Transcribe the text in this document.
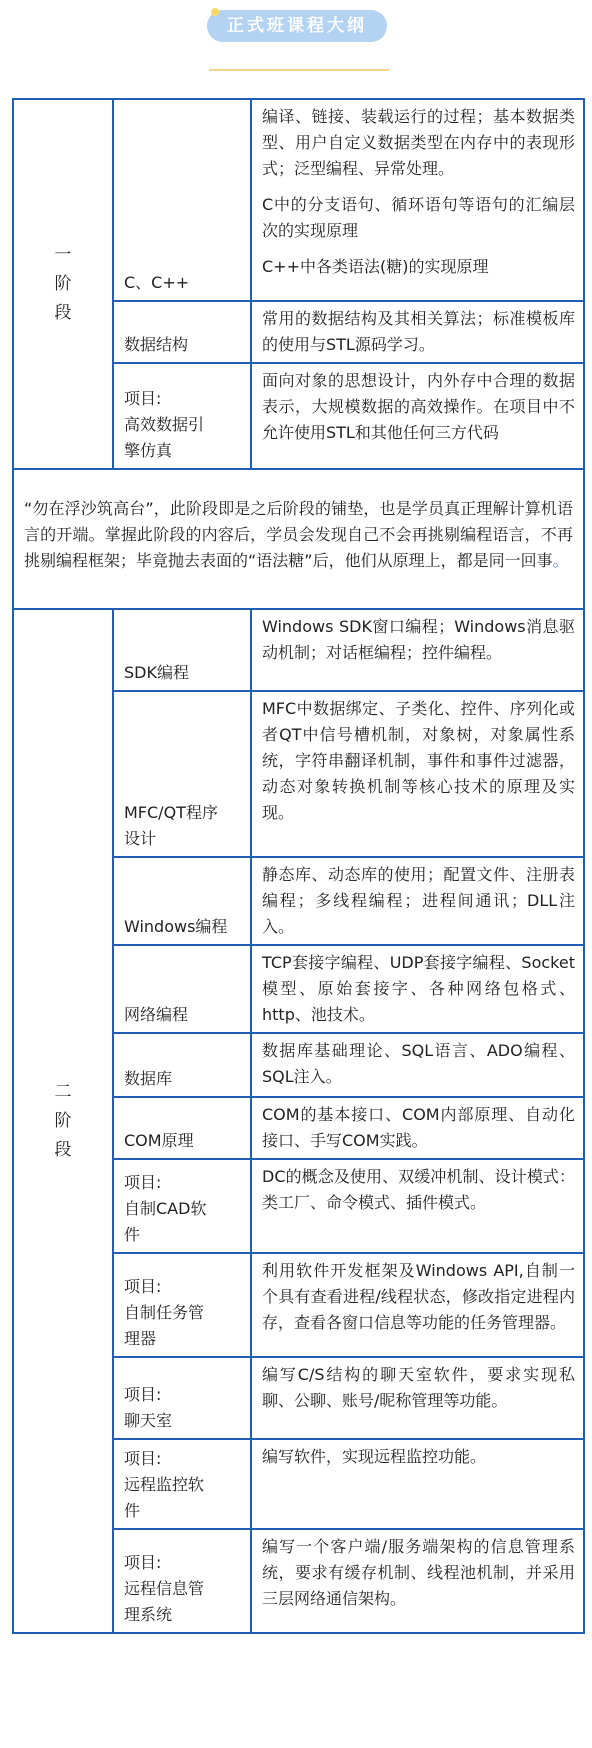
正式班课程大纲
一阶段	C、C++	编译、链接、装载运行的过程；基本数据类型、用户自定义数据类型在内存中的表现形式；泛型编程、异常处理。

C中的分支语句、循环语句等语句的汇编层次的实现原理

C++中各类语法(糖)的实现原理

	数据结构	常用的数据结构及其相关算法；标准模板库的使用与STL源码学习。

	项目:
高效数据引
擎仿真	面向对象的思想设计，内外存中合理的数据表示，大规模数据的高效操作。在项目中不允许使用STL和其他任何三方代码

“勿在浮沙筑高台”，此阶段即是之后阶段的铺垫，也是学员真正理解计算机语言的开端。掌握此阶段的内容后，学员会发现自己不会再挑剔编程语言，不再挑剔编程框架；毕竟抛去表面的“语法糖”后，他们从原理上，都是同一回事。		
二阶段	SDK编程	Windows SDK窗口编程；Windows消息驱动机制；对话框编程；控件编程。

	MFC/QT程序
设计	MFC中数据绑定、子类化、控件、序列化或者QT中信号槽机制，对象树，对象属性系统，字符串翻译机制，事件和事件过滤器，动态对象转换机制等核心技术的原理及实现。

	Windows编程	静态库、动态库的使用；配置文件、注册表编程；多线程编程；进程间通讯；DLL注入。

	网络编程	TCP套接字编程、UDP套接字编程、Socket模型、原始套接字、各种网络包格式、http、池技术。

	数据库	数据库基础理论、SQL语言、ADO编程、SQL注入。

	COM原理	COM的基本接口、COM内部原理、自动化接口、手写COM实践。

	项目:
自制CAD软
件	DC的概念及使用、双缓冲机制、设计模式：类工厂、命令模式、插件模式。

	项目:
自制任务管
理器	利用软件开发框架及Windows API,自制一个具有查看进程/线程状态，修改指定进程内存，查看各窗口信息等功能的任务管理器。

	项目:
聊天室	编写C/S结构的聊天室软件，要求实现私聊、公聊、账号/昵称管理等功能。

	项目:
远程监控软
件	编写软件，实现远程监控功能。

	项目:
远程信息管
理系统	编写一个客户端/服务端架构的信息管理系统，要求有缓存机制、线程池机制，并采用三层网络通信架构。
